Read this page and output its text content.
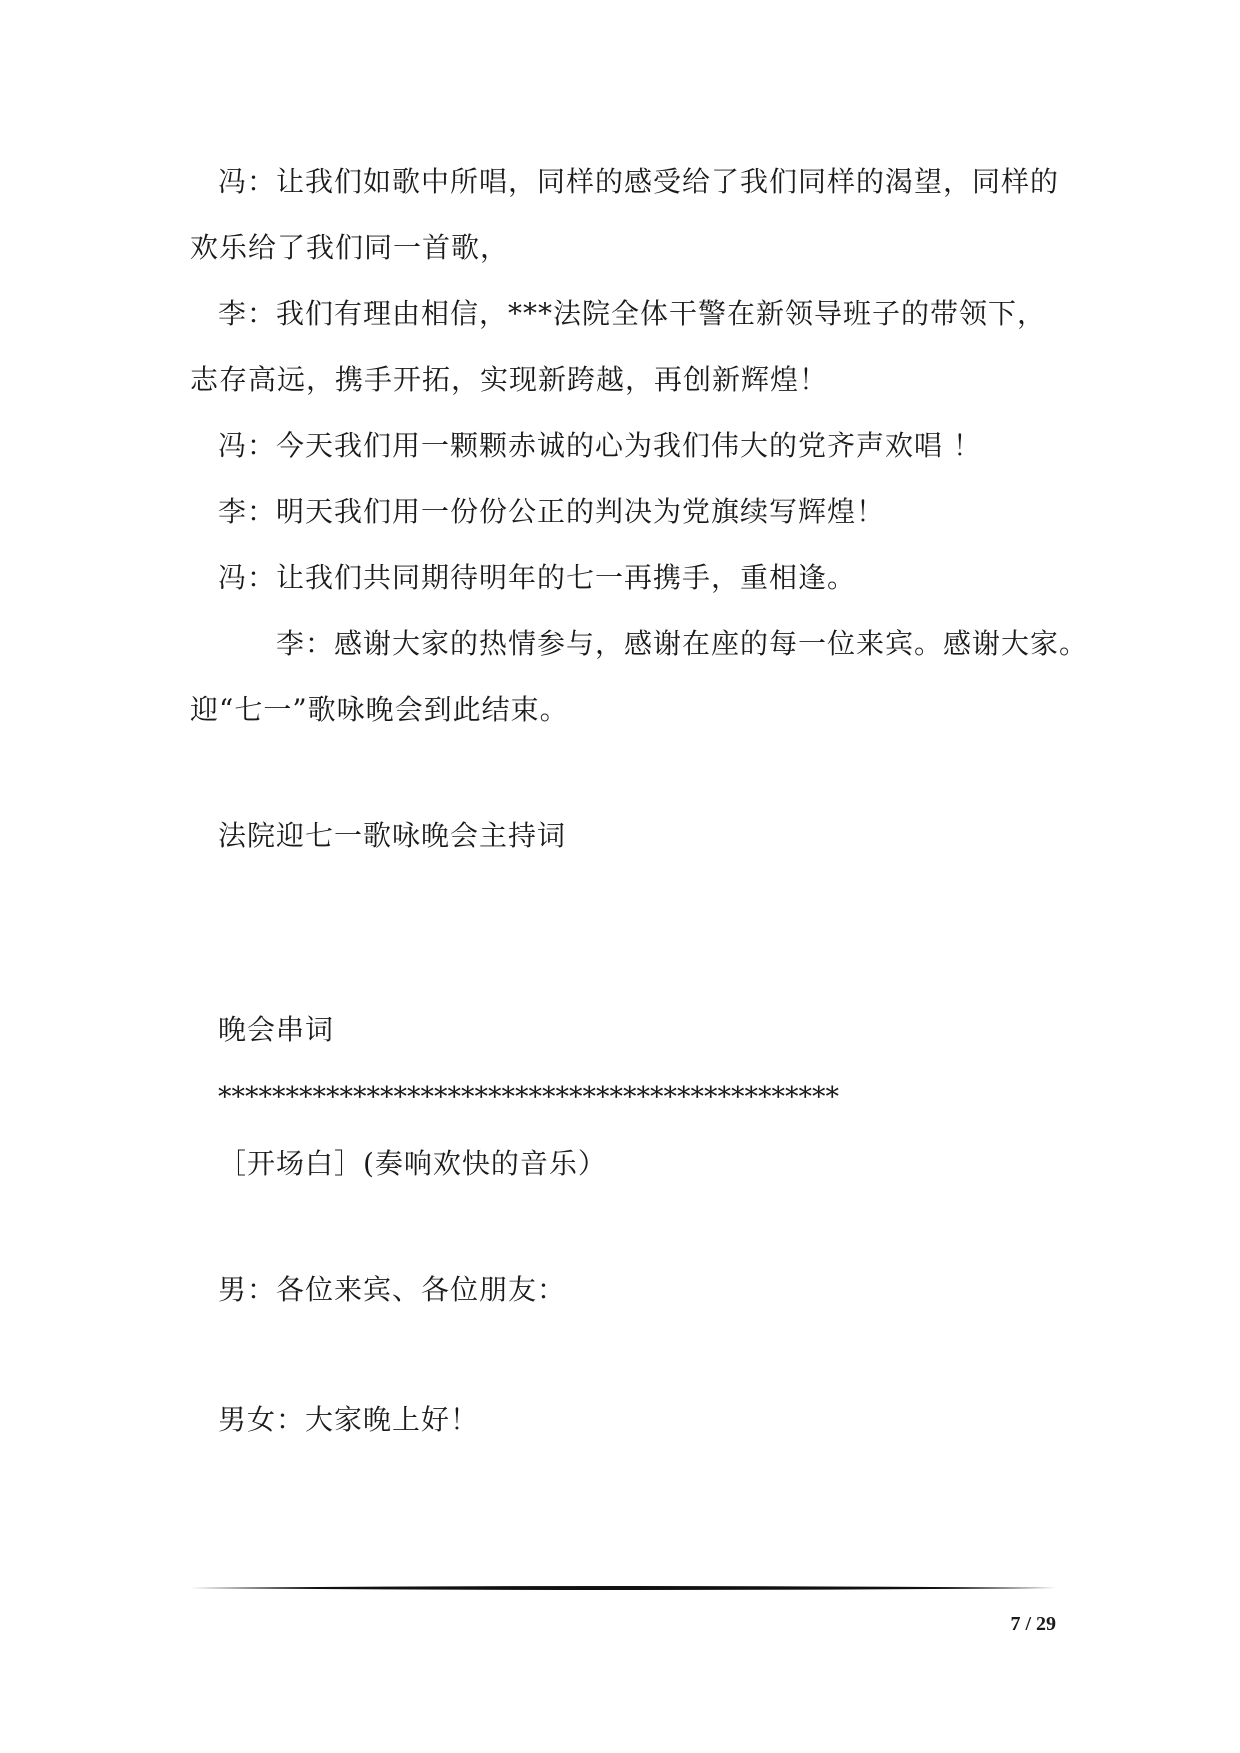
冯：让我们如歌中所唱，同样的感受给了我们同样的渴望，同样的
欢乐给了我们同一首歌，
李：我们有理由相信，***法院全体干警在新领导班子的带领下，
志存高远，携手开拓，实现新跨越，再创新辉煌！
冯：今天我们用一颗颗赤诚的心为我们伟大的党齐声欢唱 ！
李：明天我们用一份份公正的判决为党旗续写辉煌！
冯：让我们共同期待明年的七一再携手，重相逢。
李：感谢大家的热情参与，感谢在座的每一位来宾。感谢大家。
迎“七一”歌咏晚会到此结束。
法院迎七一歌咏晚会主持词
晚会串词
**********************************************
［开场白］(奏响欢快的音乐）
男：各位来宾、各位朋友：
男女：大家晚上好！
7 / 29
